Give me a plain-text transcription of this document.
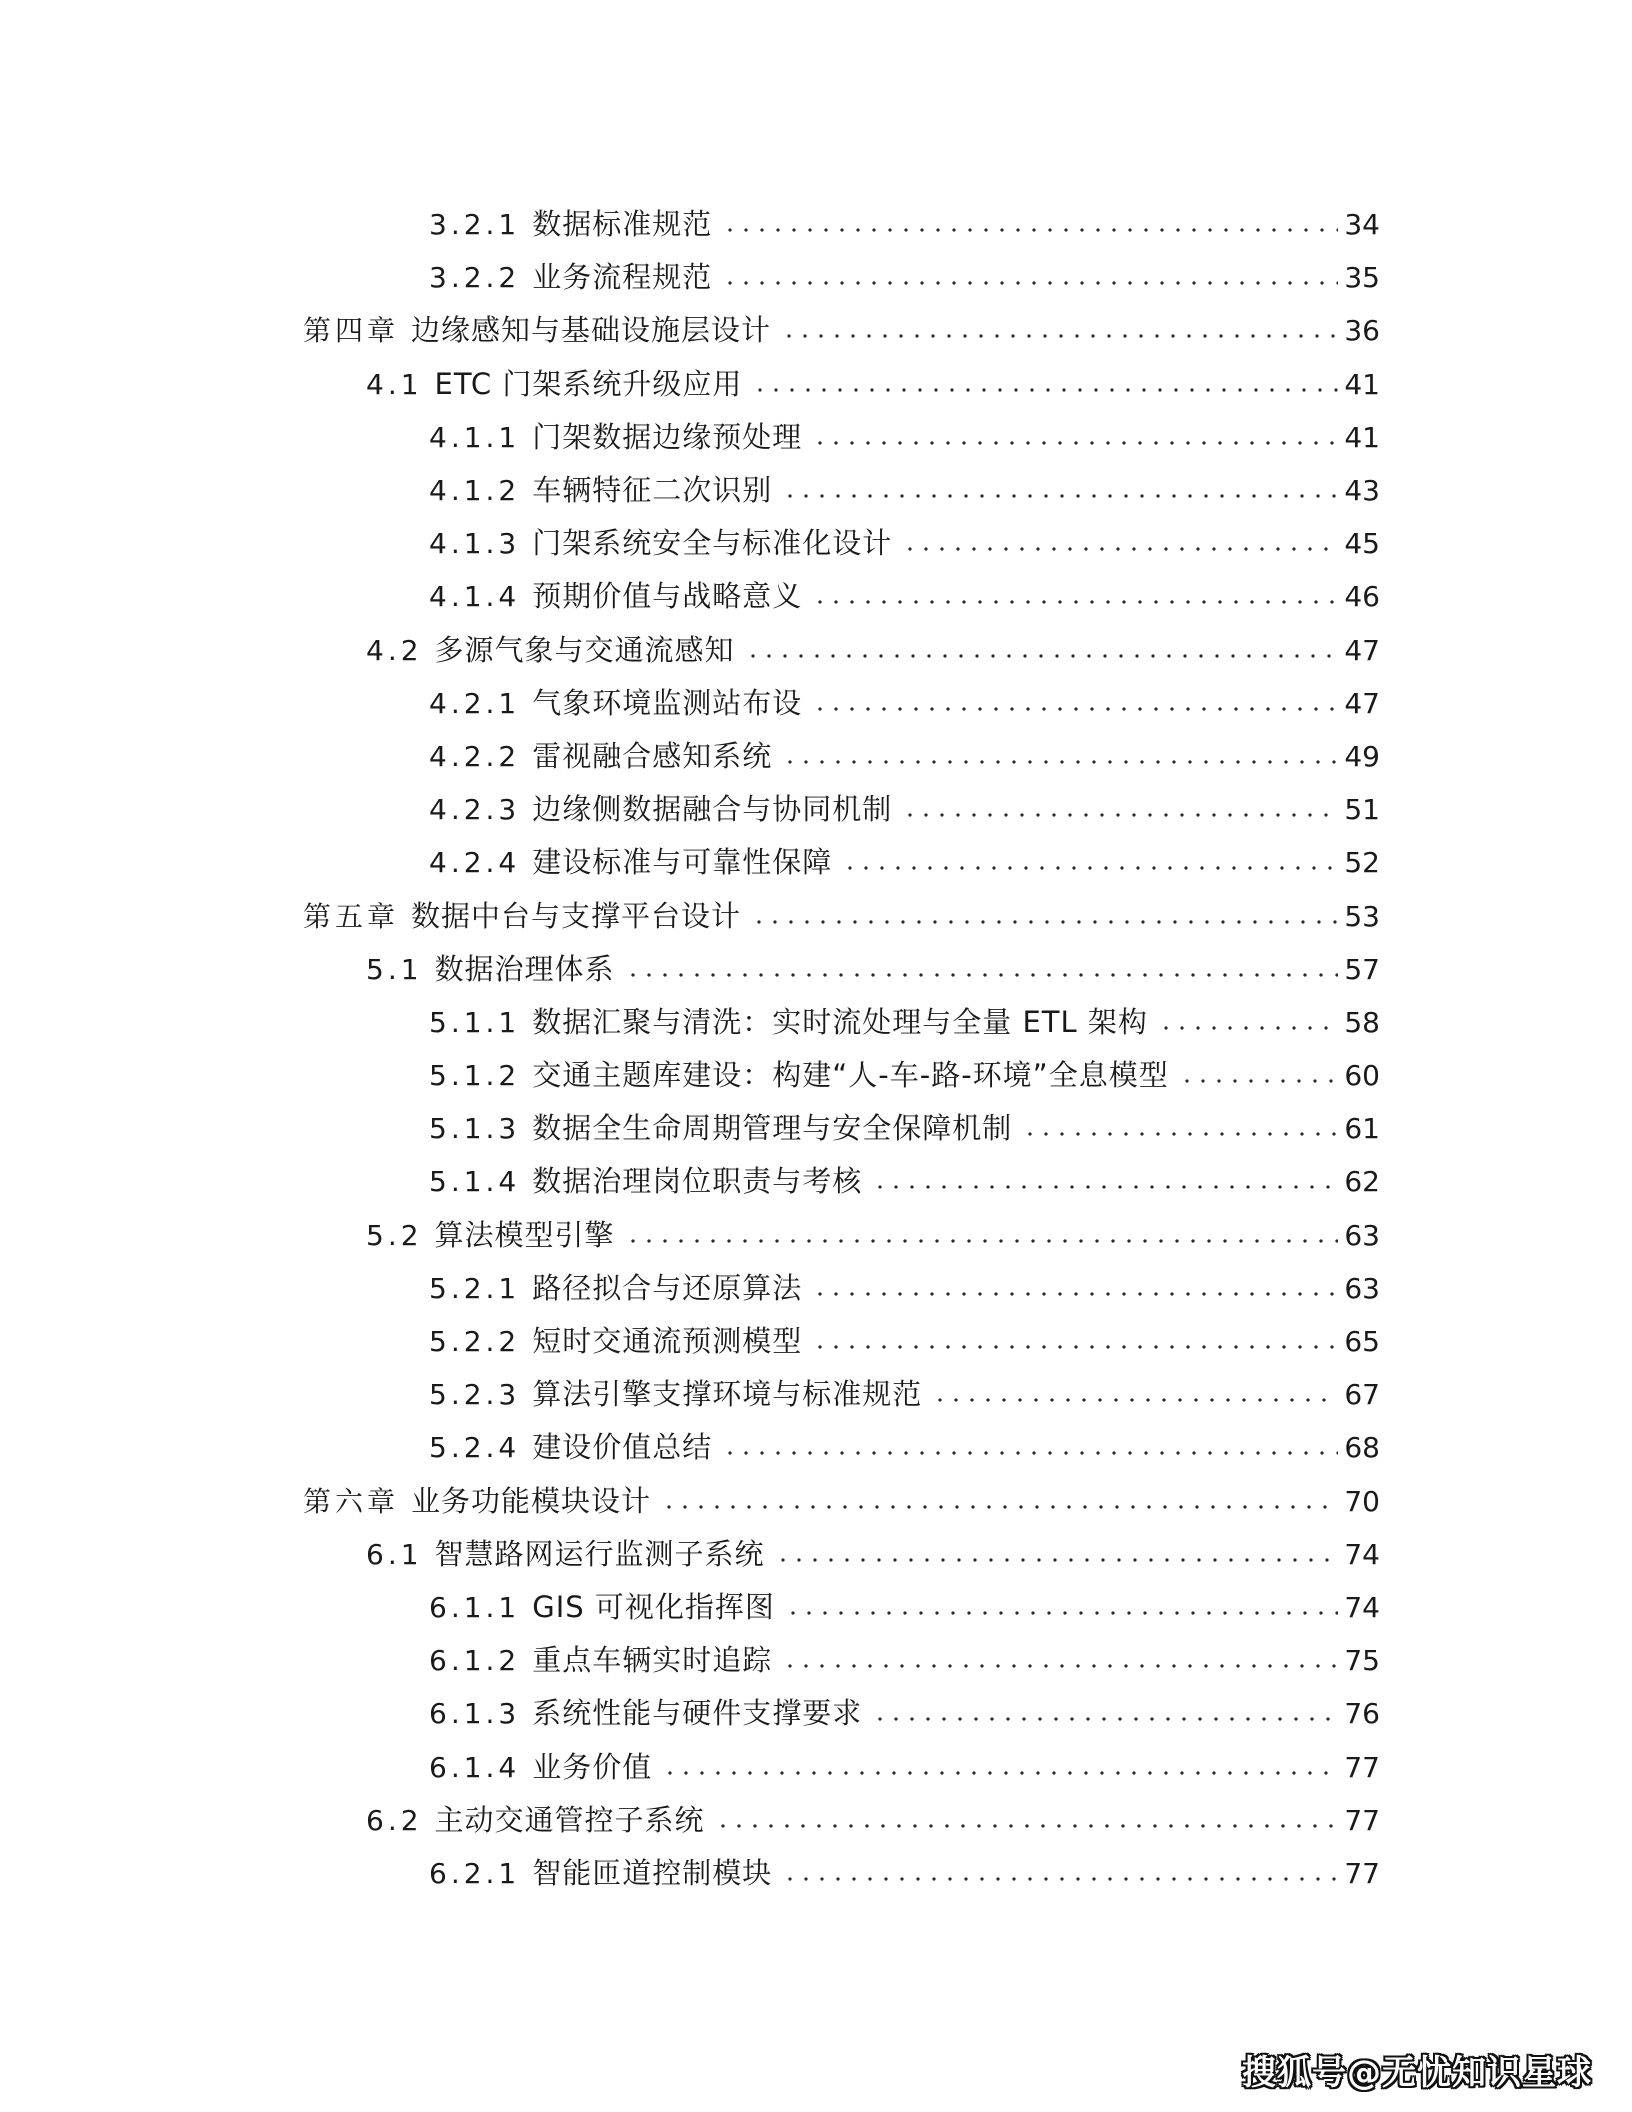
3.2.1 数据标准规范	34
3.2.2 业务流程规范	35
第四章 边缘感知与基础设施层设计	36
4.1 ETC 门架系统升级应用	41
4.1.1 门架数据边缘预处理	41
4.1.2 车辆特征二次识别	43
4.1.3 门架系统安全与标准化设计	45
4.1.4 预期价值与战略意义	46
4.2 多源气象与交通流感知	47
4.2.1 气象环境监测站布设	47
4.2.2 雷视融合感知系统	49
4.2.3 边缘侧数据融合与协同机制	51
4.2.4 建设标准与可靠性保障	52
第五章 数据中台与支撑平台设计	53
5.1 数据治理体系	57
5.1.1 数据汇聚与清洗：实时流处理与全量 ETL 架构	58
5.1.2 交通主题库建设：构建“人-车-路-环境”全息模型	60
5.1.3 数据全生命周期管理与安全保障机制	61
5.1.4 数据治理岗位职责与考核	62
5.2 算法模型引擎	63
5.2.1 路径拟合与还原算法	63
5.2.2 短时交通流预测模型	65
5.2.3 算法引擎支撑环境与标准规范	67
5.2.4 建设价值总结	68
第六章 业务功能模块设计	70
6.1 智慧路网运行监测子系统	74
6.1.1 GIS 可视化指挥图	74
6.1.2 重点车辆实时追踪	75
6.1.3 系统性能与硬件支撑要求	76
6.1.4 业务价值	77
6.2 主动交通管控子系统	77
6.2.1 智能匝道控制模块	77
搜狐号@无忧知识星球
